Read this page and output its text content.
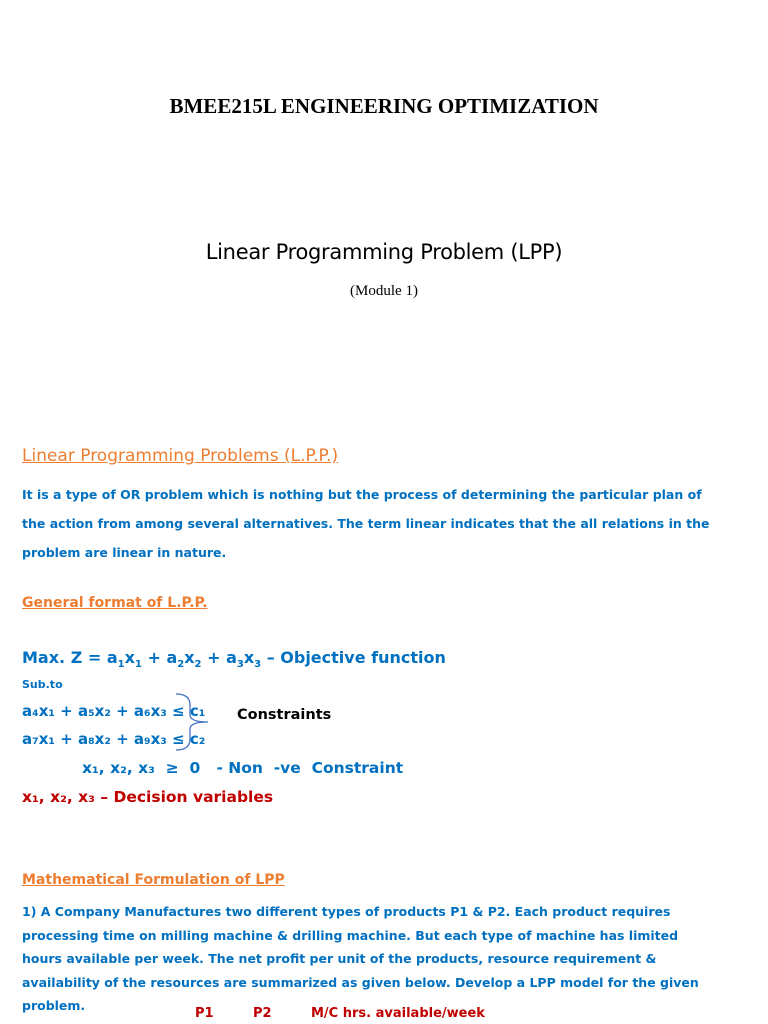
BMEE215L ENGINEERING OPTIMIZATION
Linear Programming Problem (LPP)
(Module 1)
Linear Programming Problems (L.P.P.)

It is a type of OR problem which is nothing but the process of determining the particular plan of the action from among several alternatives. The term linear indicates that the all relations in the problem are linear in nature.

General format of L.P.P.
Max. $Z = a_1x_1 + a_2x_2 + a_3x_3$ – Objective function
Sub.to
a₄x₁ + a₅x₂ + a₆x₃ ≤ c₁
a₇x₁ + a₈x₂ + a₉x₃ ≤ c₂
Constraints
x₁, x₂, x₃  ≥  0   - Non  -ve  Constraint
x₁, x₂, x₃ – Decision variables
Mathematical Formulation of LPP

1) A Company Manufactures two different types of products P1 & P2. Each product requires processing time on milling machine & drilling machine. But each type of machine has limited hours available per week. The net profit per unit of the products, resource requirement & availability of the resources are summarized as given below. Develop a LPP model for the given problem.

P1	P2	M/C hrs. available/week
